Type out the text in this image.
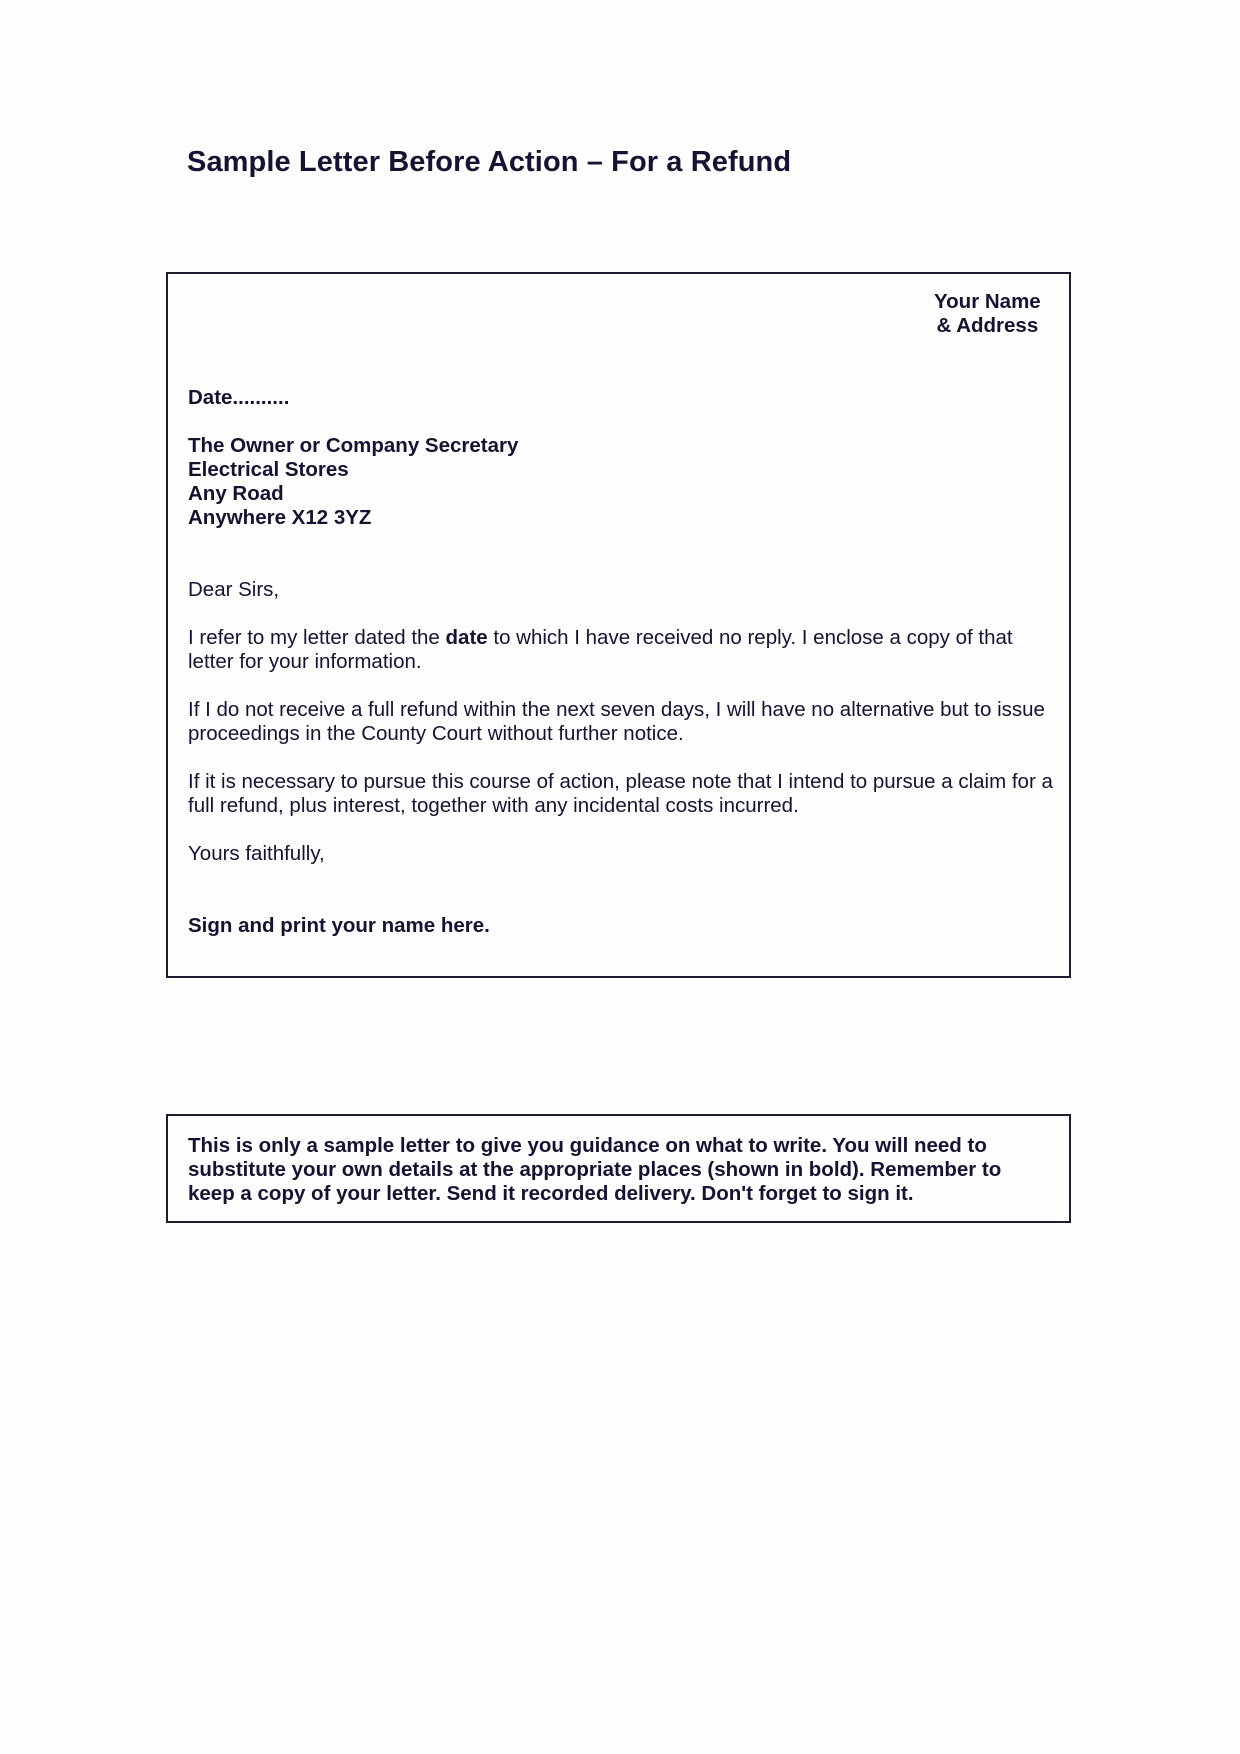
Sample Letter Before Action – For a Refund
Your Name
& Address
Date..........
The Owner or Company Secretary
Electrical Stores
Any Road
Anywhere X12 3YZ
Dear Sirs,
I refer to my letter dated the date to which I have received no reply. I enclose a copy of that letter for your information.
If I do not receive a full refund within the next seven days, I will have no alternative but to issue proceedings in the County Court without further notice.
If it is necessary to pursue this course of action, please note that I intend to pursue a claim for a full refund, plus interest, together with any incidental costs incurred.
Yours faithfully,
Sign and print your name here.
This is only a sample letter to give you guidance on what to write. You will need to substitute your own details at the appropriate places (shown in bold). Remember to keep a copy of your letter. Send it recorded delivery. Don't forget to sign it.
